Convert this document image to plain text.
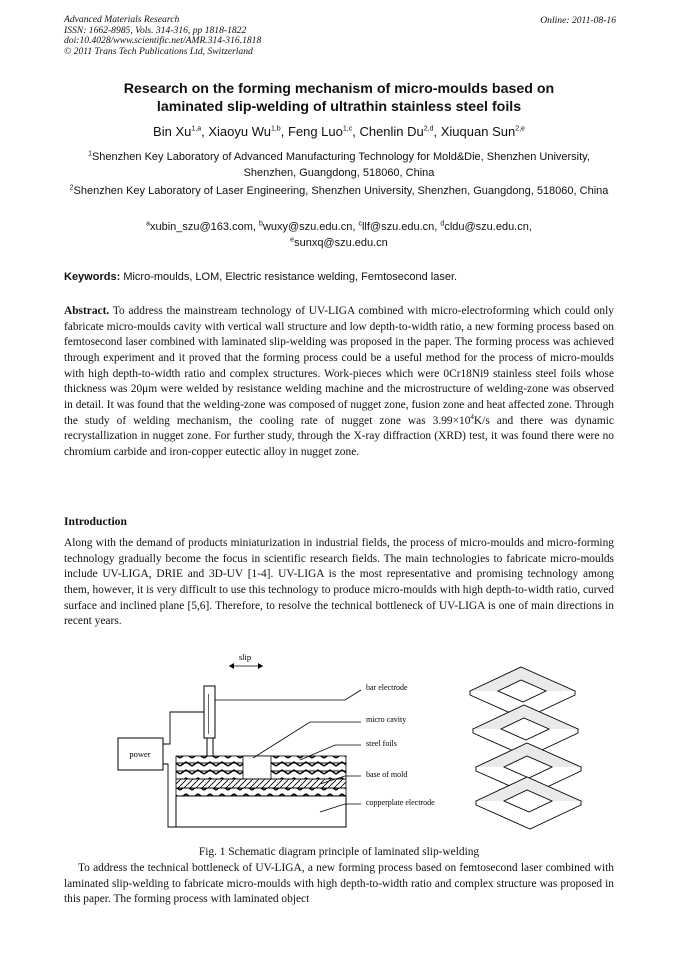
Advanced Materials Research
ISSN: 1662-8985, Vols. 314-316, pp 1818-1822
doi:10.4028/www.scientific.net/AMR.314-316.1818
© 2011 Trans Tech Publications Ltd, Switzerland
Online: 2011-08-16
Research on the forming mechanism of micro-moulds based on
laminated slip-welding of ultrathin stainless steel foils
Bin Xu$^{1,a}$, Xiaoyu Wu$^{1,b}$, Feng Luo$^{1,c}$, Chenlin Du$^{2,d}$, Xiuquan Sun$^{2,e}$
$^1$Shenzhen Key Laboratory of Advanced Manufacturing Technology for Mold&Die, Shenzhen University, Shenzhen, Guangdong, 518060, China
$^2$Shenzhen Key Laboratory of Laser Engineering, Shenzhen University, Shenzhen, Guangdong, 518060, China
$^a$xubin_szu@163.com, $^b$wuxy@szu.edu.cn, $^c$llf@szu.edu.cn, $^d$cldu@szu.edu.cn,
$^e$sunxq@szu.edu.cn
Keywords: Micro-moulds, LOM, Electric resistance welding, Femtosecond laser.
Abstract. To address the mainstream technology of UV-LIGA combined with micro-electroforming which could only fabricate micro-moulds cavity with vertical wall structure and low depth-to-width ratio, a new forming process based on femtosecond laser combined with laminated slip-welding was proposed in the paper. The forming process was achieved through experiment and it proved that the forming process could be a useful method for the process of micro-moulds with high depth-to-width ratio and complex structures. Work-pieces which were 0Cr18Ni9 stainless steel foils whose thickness was 20μm were welded by resistance welding machine and the microstructure of welding-zone was observed in detail. It was found that the welding-zone was composed of nugget zone, fusion zone and heat affected zone. Through the study of welding mechanism, the cooling rate of nugget zone was $3.99\times 10^4K/s$ and there was dynamic recrystallization in nugget zone. For further study, through the X-ray diffraction (XRD) test, it was found there were no chromium carbide and iron-copper eutectic alloy in nugget zone.
Introduction
Along with the demand of products miniaturization in industrial fields, the process of micro-moulds and micro-forming technology gradually become the focus in scientific research fields. The main technologies to fabricate micro-moulds include UV-LIGA, DRIE and 3D-UV [1-4]. UV-LIGA is the most representative and promising technology among them, however, it is very difficult to use this technology to produce micro-moulds with high depth-to-width ratio, curved surface and inclined plane [5,6]. Therefore, to resolve the technical bottleneck of UV-LIGA is one of main directions in recent years.
slip
power
bar electrode
micro cavity
steel foils
base of mold
copperplate electrode
Fig. 1 Schematic diagram principle of laminated slip-welding
To address the technical bottleneck of UV-LIGA, a new forming process based on femtosecond laser combined with laminated slip-welding to fabricate micro-moulds with high depth-to-width ratio and complex structure was proposed in this paper. The forming process with laminated object
